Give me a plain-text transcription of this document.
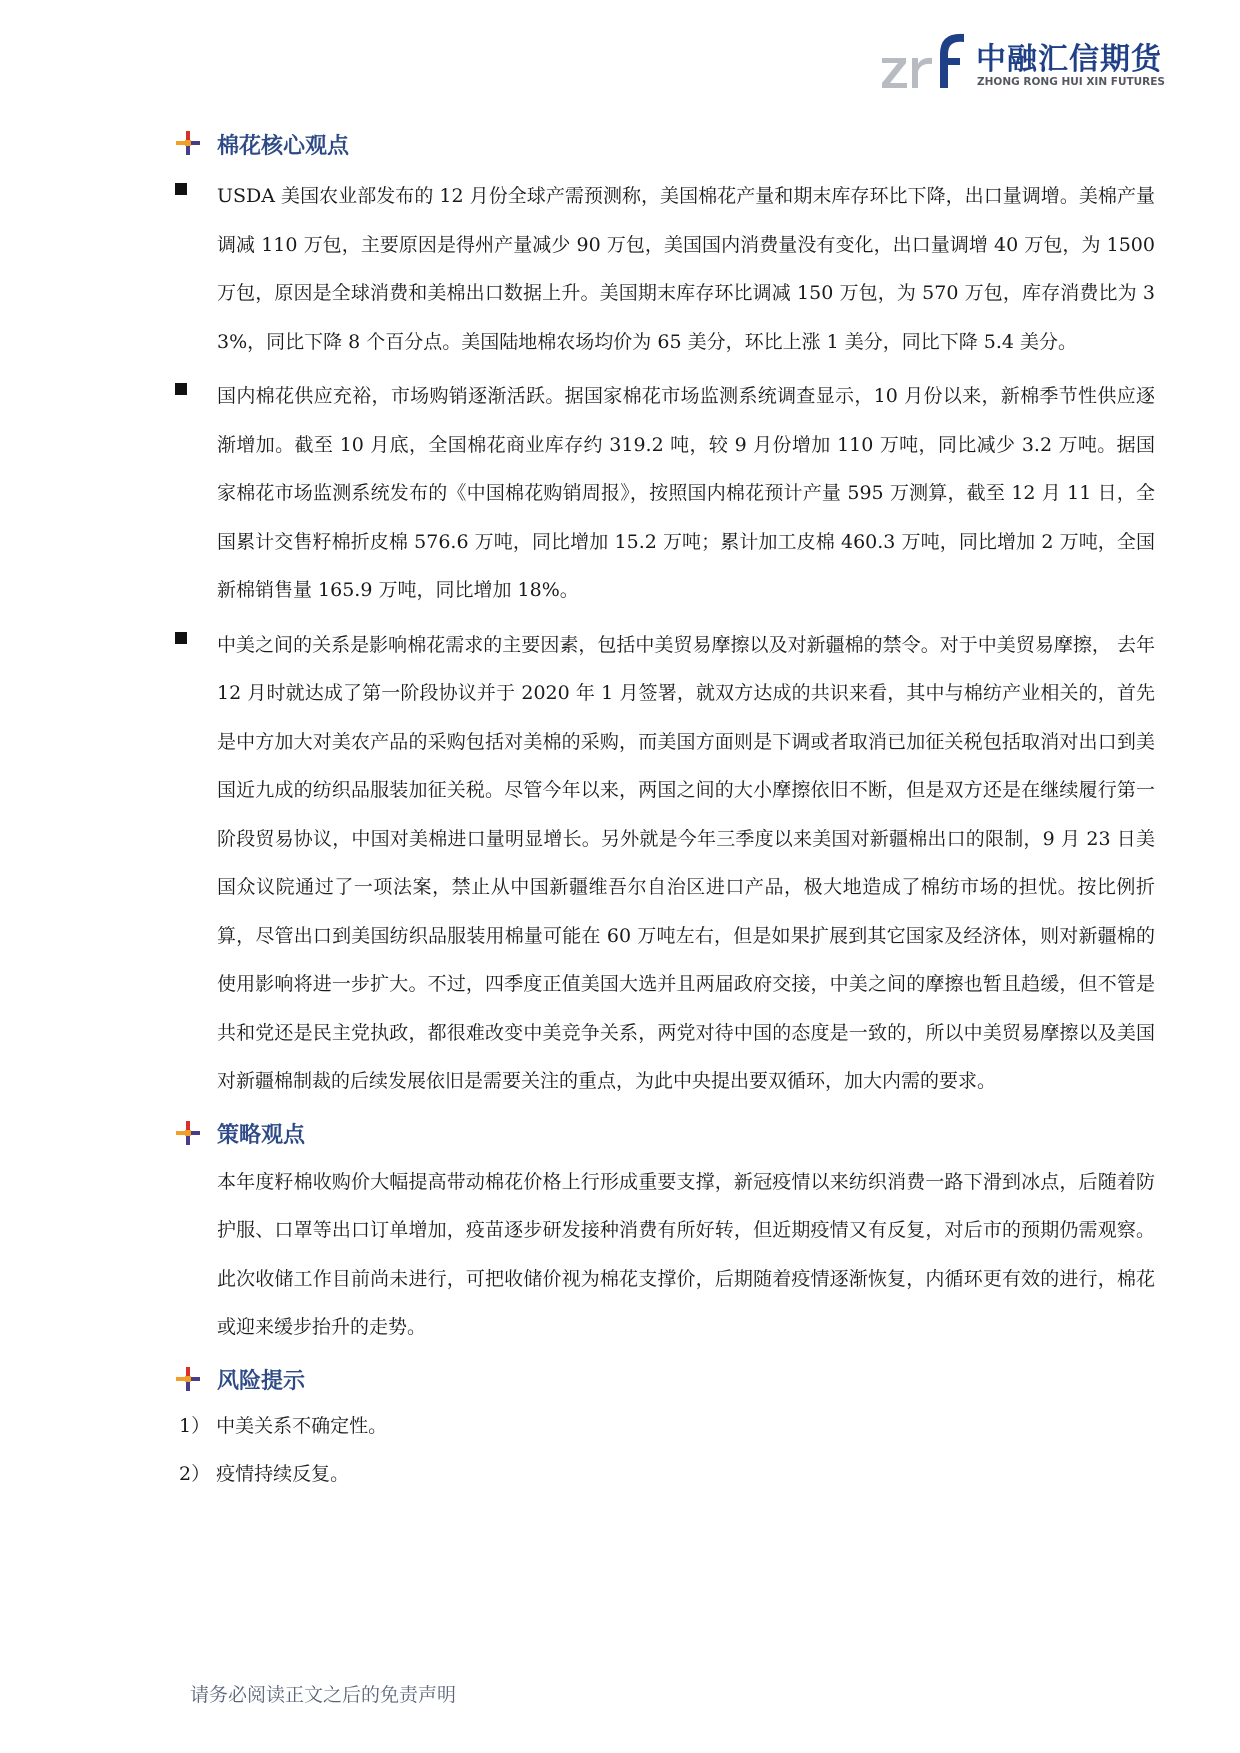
中融汇信期货
ZHONG RONG HUI XIN FUTURES
棉花核心观点

USDA 美国农业部发布的 12 月份全球产需预测称，美国棉花产量和期末库存环比下降，出口量调增。美棉产量调减 110 万包，主要原因是得州产量减少 90 万包，美国国内消费量没有变化，出口量调增 40 万包，为 1500 万包，原因是全球消费和美棉出口数据上升。美国期末库存环比调减 150 万包，为 570 万包，库存消费比为 33%，同比下降 8 个百分点。美国陆地棉农场均价为 65 美分，环比上涨 1 美分，同比下降 5.4 美分。

国内棉花供应充裕，市场购销逐渐活跃。据国家棉花市场监测系统调查显示，10 月份以来，新棉季节性供应逐渐增加。截至 10 月底，全国棉花商业库存约 319.2 吨，较 9 月份增加 110 万吨，同比减少 3.2 万吨。据国家棉花市场监测系统发布的《中国棉花购销周报》，按照国内棉花预计产量 595 万测算，截至 12 月 11 日，全国累计交售籽棉折皮棉 576.6 万吨，同比增加 15.2 万吨；累计加工皮棉 460.3 万吨，同比增加 2 万吨，全国新棉销售量 165.9 万吨，同比增加 18%。

中美之间的关系是影响棉花需求的主要因素，包括中美贸易摩擦以及对新疆棉的禁令。对于中美贸易摩擦， 去年 12 月时就达成了第一阶段协议并于 2020 年 1 月签署，就双方达成的共识来看，其中与棉纺产业相关的，首先是中方加大对美农产品的采购包括对美棉的采购，而美国方面则是下调或者取消已加征关税包括取消对出口到美国近九成的纺织品服装加征关税。尽管今年以来，两国之间的大小摩擦依旧不断，但是双方还是在继续履行第一阶段贸易协议，中国对美棉进口量明显增长。另外就是今年三季度以来美国对新疆棉出口的限制，9 月 23 日美国众议院通过了一项法案，禁止从中国新疆维吾尔自治区进口产品，极大地造成了棉纺市场的担忧。按比例折算，尽管出口到美国纺织品服装用棉量可能在 60 万吨左右，但是如果扩展到其它国家及经济体，则对新疆棉的使用影响将进一步扩大。不过，四季度正值美国大选并且两届政府交接，中美之间的摩擦也暂且趋缓，但不管是共和党还是民主党执政，都很难改变中美竞争关系，两党对待中国的态度是一致的，所以中美贸易摩擦以及美国对新疆棉制裁的后续发展依旧是需要关注的重点，为此中央提出要双循环，加大内需的要求。

策略观点

本年度籽棉收购价大幅提高带动棉花价格上行形成重要支撑，新冠疫情以来纺织消费一路下滑到冰点，后随着防护服、口罩等出口订单增加，疫苗逐步研发接种消费有所好转，但近期疫情又有反复，对后市的预期仍需观察。此次收储工作目前尚未进行，可把收储价视为棉花支撑价，后期随着疫情逐渐恢复，内循环更有效的进行，棉花或迎来缓步抬升的走势。

风险提示

1） 中美关系不确定性。

2） 疫情持续反复。

请务必阅读正文之后的免责声明
